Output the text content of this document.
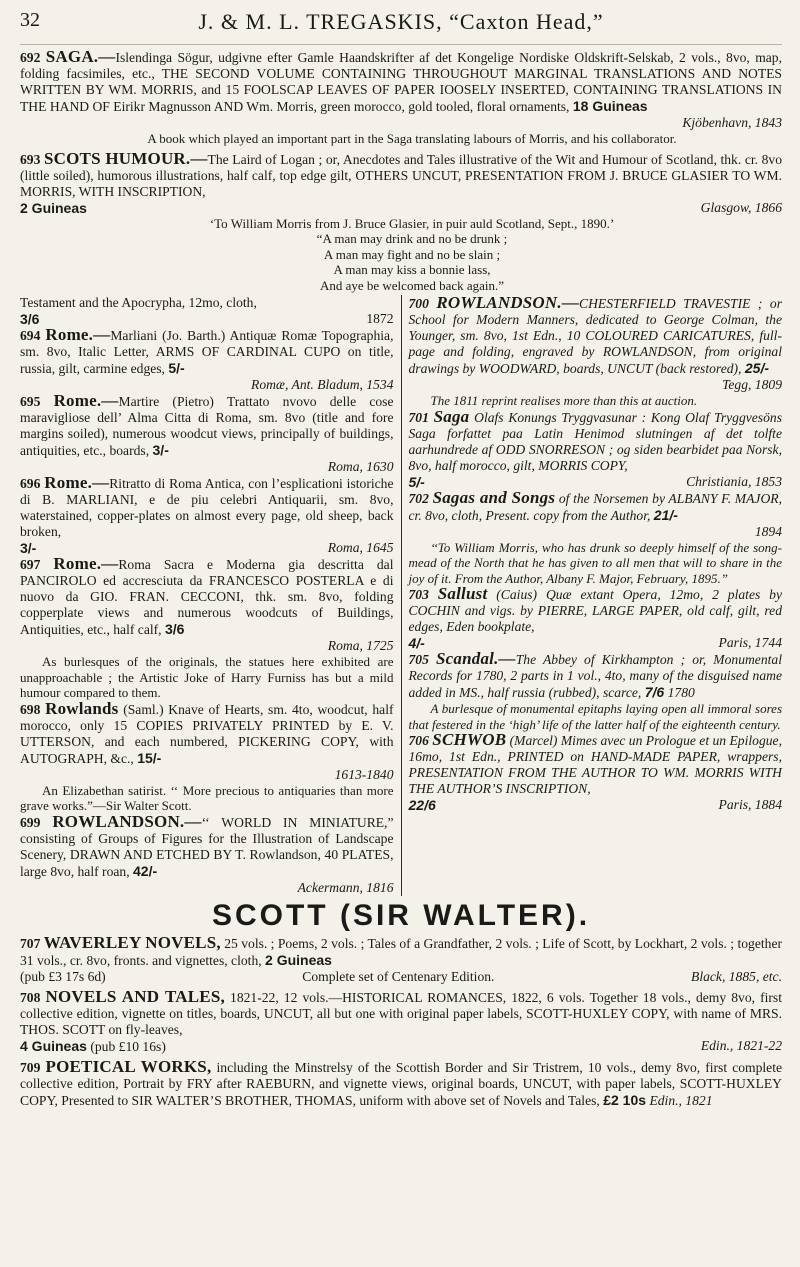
32	J. & M. L. TREGASKIS, “Caxton Head,”

692 SAGA.—Islendinga Sögur, udgivne efter Gamle Haandskrifter af det Kongelige Nordiske Oldskrift-Selskab, 2 vols., 8vo, map, folding facsimiles, etc., THE SECOND VOLUME CONTAINING THROUGHOUT MARGINAL TRANSLATIONS AND NOTES WRITTEN BY WM. MORRIS, and 15 FOOLSCAP LEAVES OF PAPER IOOSELY INSERTED, CONTAINING TRANSLATIONS IN THE HAND OF Eirikr Magnusson AND Wm. Morris, green morocco, gold tooled, floral ornaments, 18 Guineas

Kjöbenhavn, 1843

A book which played an important part in the Saga translating labours of Morris, and his collaborator.

693 SCOTS HUMOUR.—The Laird of Logan ; or, Anecdotes and Tales illustrative of the Wit and Humour of Scotland, thk. cr. 8vo (little soiled), humorous illustrations, half calf, top edge gilt, OTHERS UNCUT, PRESENTATION FROM J. BRUCE GLASIER TO WM. MORRIS, WITH INSCRIPTION,

2 Guineas	Glasgow, 1866

‘To William Morris from J. Bruce Glasier, in puir auld Scotland, Sept., 1890.’

“A man may drink and no be drunk ;

A man may fight and no be slain ;

A man may kiss a bonnie lass,

And aye be welcomed back again.”

Testament and the Apocrypha, 12mo, cloth,

3/6	1872

694 Rome.—Marliani (Jo. Barth.) Antiquæ Romæ Topographia, sm. 8vo, Italic Letter, ARMS OF CARDINAL CUPO on title, russia, gilt, carmine edges, 5/-

Romæ, Ant. Bladum, 1534

695 Rome.—Martire (Pietro) Trattato nvovo delle cose maravigliose dell’ Alma Citta di Roma, sm. 8vo (title and fore margins soiled), numerous woodcut views, principally of buildings, antiquities, etc., boards, 3/-

Roma, 1630

696 Rome.—Ritratto di Roma Antica, con l’esplicationi istoriche di B. MARLIANI, e de piu celebri Antiquarii, sm. 8vo, waterstained, copper-plates on almost every page, old sheep, back broken,

3/-	Roma, 1645

697 Rome.—Roma Sacra e Moderna gia descritta dal PANCIROLO ed accresciuta da FRANCESCO POSTERLA e di nuovo da GIO. FRAN. CECCONI, thk. sm. 8vo, folding copperplate views and numerous woodcuts of Buildings, Antiquities, etc., half calf, 3/6

Roma, 1725

As burlesques of the originals, the statues here exhibited are unapproachable ; the Artistic Joke of Harry Furniss has but a mild humour compared to them.

698 Rowlands (Saml.) Knave of Hearts, sm. 4to, woodcut, half morocco, only 15 COPIES PRIVATELY PRINTED by E. V. UTTERSON, and each numbered, PICKERING COPY, with AUTOGRAPH, &c., 15/-

1613-1840

An Elizabethan satirist. ‘‘ More precious to antiquaries than more grave works.”—Sir Walter Scott.

699 ROWLANDSON.—‘‘ WORLD IN MINIATURE,” consisting of Groups of Figures for the Illustration of Landscape Scenery, DRAWN AND ETCHED BY T. Rowlandson, 40 PLATES, large 8vo, half roan, 42/-

Ackermann, 1816

700 ROWLANDSON.—CHESTERFIELD TRAVESTIE ; or School for Modern Manners, dedicated to George Colman, the Younger, sm. 8vo, 1st Edn., 10 COLOURED CARICATURES, full-page and folding, engraved by ROWLANDSON, from original drawings by WOODWARD, boards, UNCUT (back restored), 25/-

Tegg, 1809

The 1811 reprint realises more than this at auction.

701 Saga Olafs Konungs Tryggvasunar : Kong Olaf Tryggvesöns Saga forfattet paa Latin Henimod slutningen af det tolfte aarhundrede af ODD SNORRESON ; og siden bearbidet paa Norsk, 8vo, half morocco, gilt, MORRIS COPY,

5/-	Christiania, 1853

702 Sagas and Songs of the Norsemen by ALBANY F. MAJOR, cr. 8vo, cloth, Present. copy from the Author, 21/-

1894

‘‘To William Morris, who has drunk so deeply himself of the song-mead of the North that he has given to all men that will to share in the joy of it. From the Author, Albany F. Major, February, 1895.”

703 Sallust (Caius) Quæ extant Opera, 12mo, 2 plates by COCHIN and vigs. by PIERRE, LARGE PAPER, old calf, gilt, red edges, Eden bookplate,

4/-	Paris, 1744

705 Scandal.—The Abbey of Kirkhampton ; or, Monumental Records for 1780, 2 parts in 1 vol., 4to, many of the disguised name added in MS., half russia (rubbed), scarce, 7/6 1780

A burlesque of monumental epitaphs laying open all immoral sores that festered in the ‘high’ life of the latter half of the eighteenth century.

706 SCHWOB (Marcel) Mimes avec un Prologue et un Epilogue, 16mo, 1st Edn., PRINTED on HAND-MADE PAPER, wrappers, PRESENTATION FROM THE AUTHOR TO WM. MORRIS WITH THE AUTHOR’S INSCRIPTION,

22/6	Paris, 1884
SCOTT (SIR WALTER).

707 WAVERLEY NOVELS, 25 vols. ; Poems, 2 vols. ; Tales of a Grandfather, 2 vols. ; Life of Scott, by Lockhart, 2 vols. ; together 31 vols., cr. 8vo, fronts. and vignettes, cloth, 2 Guineas

(pub £3 17s 6d)	Complete set of Centenary Edition.	Black, 1885, etc.

708 NOVELS AND TALES, 1821-22, 12 vols.—HISTORICAL ROMANCES, 1822, 6 vols. Together 18 vols., demy 8vo, first collective edition, vignette on titles, boards, UNCUT, all but one with original paper labels, SCOTT-HUXLEY COPY, with name of MRS. THOS. SCOTT on fly-leaves,

4 Guineas (pub £10 16s)	Edin., 1821-22

709 POETICAL WORKS, including the Minstrelsy of the Scottish Border and Sir Tristrem, 10 vols., demy 8vo, first complete collective edition, Portrait by FRY after RAEBURN, and vignette views, original boards, UNCUT, with paper labels, SCOTT-HUXLEY COPY, Presented to SIR WALTER’S BROTHER, THOMAS, uniform with above set of Novels and Tales, £2 10s Edin., 1821
